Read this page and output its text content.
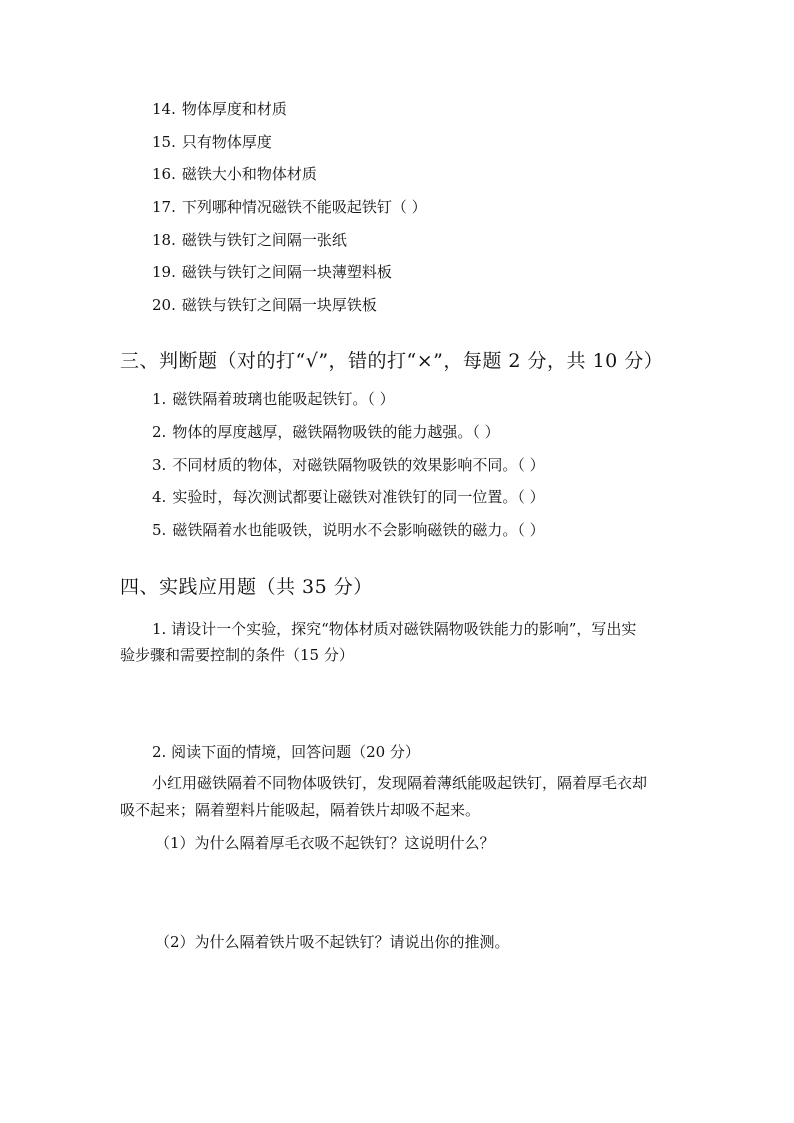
14. 物体厚度和材质
15. 只有物体厚度
16. 磁铁大小和物体材质
17. 下列哪种情况磁铁不能吸起铁钉（ ）
18. 磁铁与铁钉之间隔一张纸
19. 磁铁与铁钉之间隔一块薄塑料板
20. 磁铁与铁钉之间隔一块厚铁板
三、判断题（对的打“√”，错的打“×”，每题 2 分，共 10 分）
1. 磁铁隔着玻璃也能吸起铁钉。（ ）
2. 物体的厚度越厚，磁铁隔物吸铁的能力越强。（ ）
3. 不同材质的物体，对磁铁隔物吸铁的效果影响不同。（ ）
4. 实验时，每次测试都要让磁铁对准铁钉的同一位置。（ ）
5. 磁铁隔着水也能吸铁，说明水不会影响磁铁的磁力。（ ）
四、实践应用题（共 35 分）
1. 请设计一个实验，探究“物体材质对磁铁隔物吸铁能力的影响”，写出实
验步骤和需要控制的条件（15 分）
2. 阅读下面的情境，回答问题（20 分）
小红用磁铁隔着不同物体吸铁钉，发现隔着薄纸能吸起铁钉，隔着厚毛衣却
吸不起来；隔着塑料片能吸起，隔着铁片却吸不起来。
（1）为什么隔着厚毛衣吸不起铁钉？这说明什么？
（2）为什么隔着铁片吸不起铁钉？请说出你的推测。
